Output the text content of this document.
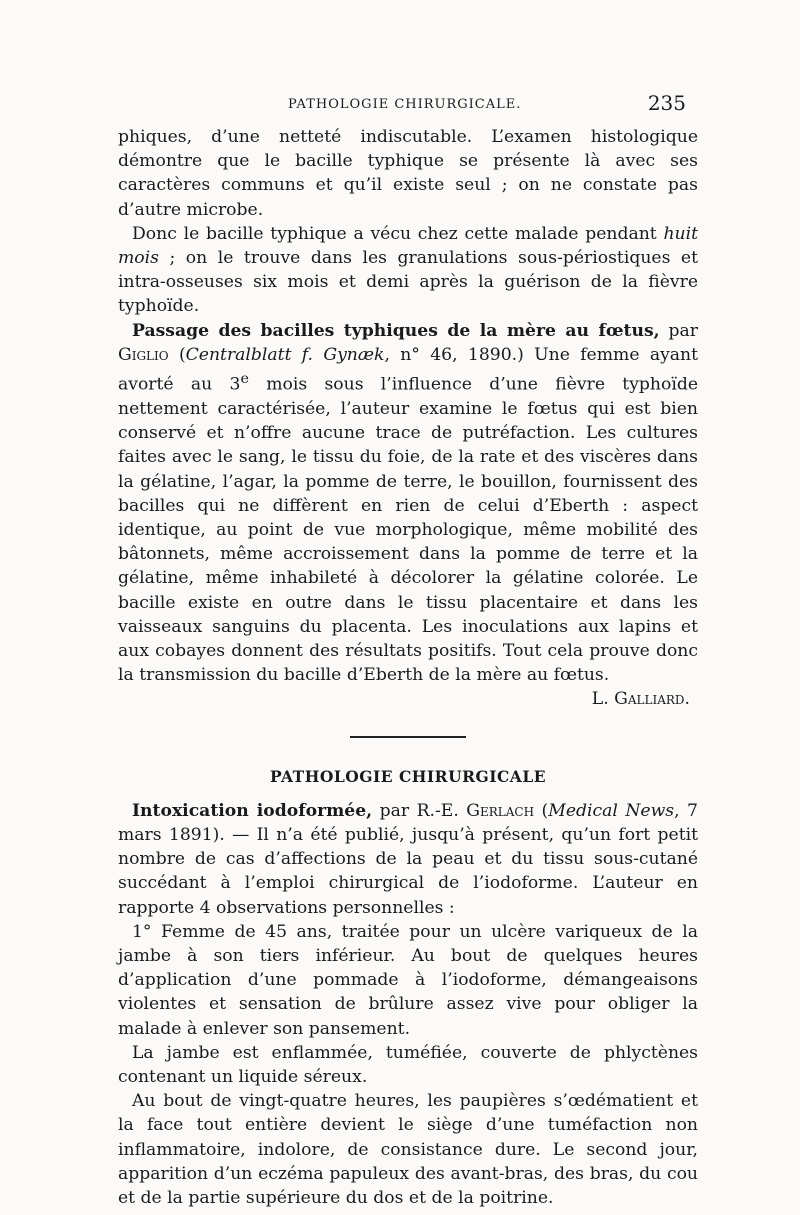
PATHOLOGIE CHIRURGICALE.	235

phiques, d’une netteté indiscutable. L’examen histologique démontre que le bacille typhique se présente là avec ses caractères communs et qu’il existe seul ; on ne constate pas d’autre microbe.

Donc le bacille typhique a vécu chez cette malade pendant huit mois ; on le trouve dans les granulations sous-périostiques et intra-osseuses six mois et demi après la guérison de la fièvre typhoïde.

Passage des bacilles typhiques de la mère au fœtus, par Giglio (Centralblatt f. Gynæk, n° 46, 1890.) Une femme ayant avorté au 3e mois sous l’influence d’une fièvre typhoïde nettement caractérisée, l’auteur examine le fœtus qui est bien conservé et n’offre aucune trace de putréfaction. Les cultures faites avec le sang, le tissu du foie, de la rate et des viscères dans la gélatine, l’agar, la pomme de terre, le bouillon, fournissent des bacilles qui ne diffèrent en rien de celui d’Eberth : aspect identique, au point de vue morphologique, même mobilité des bâtonnets, même accroissement dans la pomme de terre et la gélatine, même inhabileté à décolorer la gélatine colorée. Le bacille existe en outre dans le tissu placentaire et dans les vaisseaux sanguins du placenta. Les inoculations aux lapins et aux cobayes donnent des résultats positifs. Tout cela prouve donc la transmission du bacille d’Eberth de la mère au fœtus.

L. Galliard.

PATHOLOGIE CHIRURGICALE

Intoxication iodoformée, par R.-E. Gerlach (Medical News, 7 mars 1891). — Il n’a été publié, jusqu’à présent, qu’un fort petit nombre de cas d’affections de la peau et du tissu sous-cutané succédant à l’emploi chirurgical de l’iodoforme. L’auteur en rapporte 4 observations personnelles :

1° Femme de 45 ans, traitée pour un ulcère variqueux de la jambe à son tiers inférieur. Au bout de quelques heures d’application d’une pommade à l’iodoforme, démangeaisons violentes et sensation de brûlure assez vive pour obliger la malade à enlever son pansement.

La jambe est enflammée, tuméfiée, couverte de phlyctènes contenant un liquide séreux.

Au bout de vingt-quatre heures, les paupières s’œdématient et la face tout entière devient le siège d’une tuméfaction non inflammatoire, indolore, de consistance dure. Le second jour, apparition d’un eczéma papuleux des avant-bras, des bras, du cou et de la partie supérieure du dos et de la poitrine.
